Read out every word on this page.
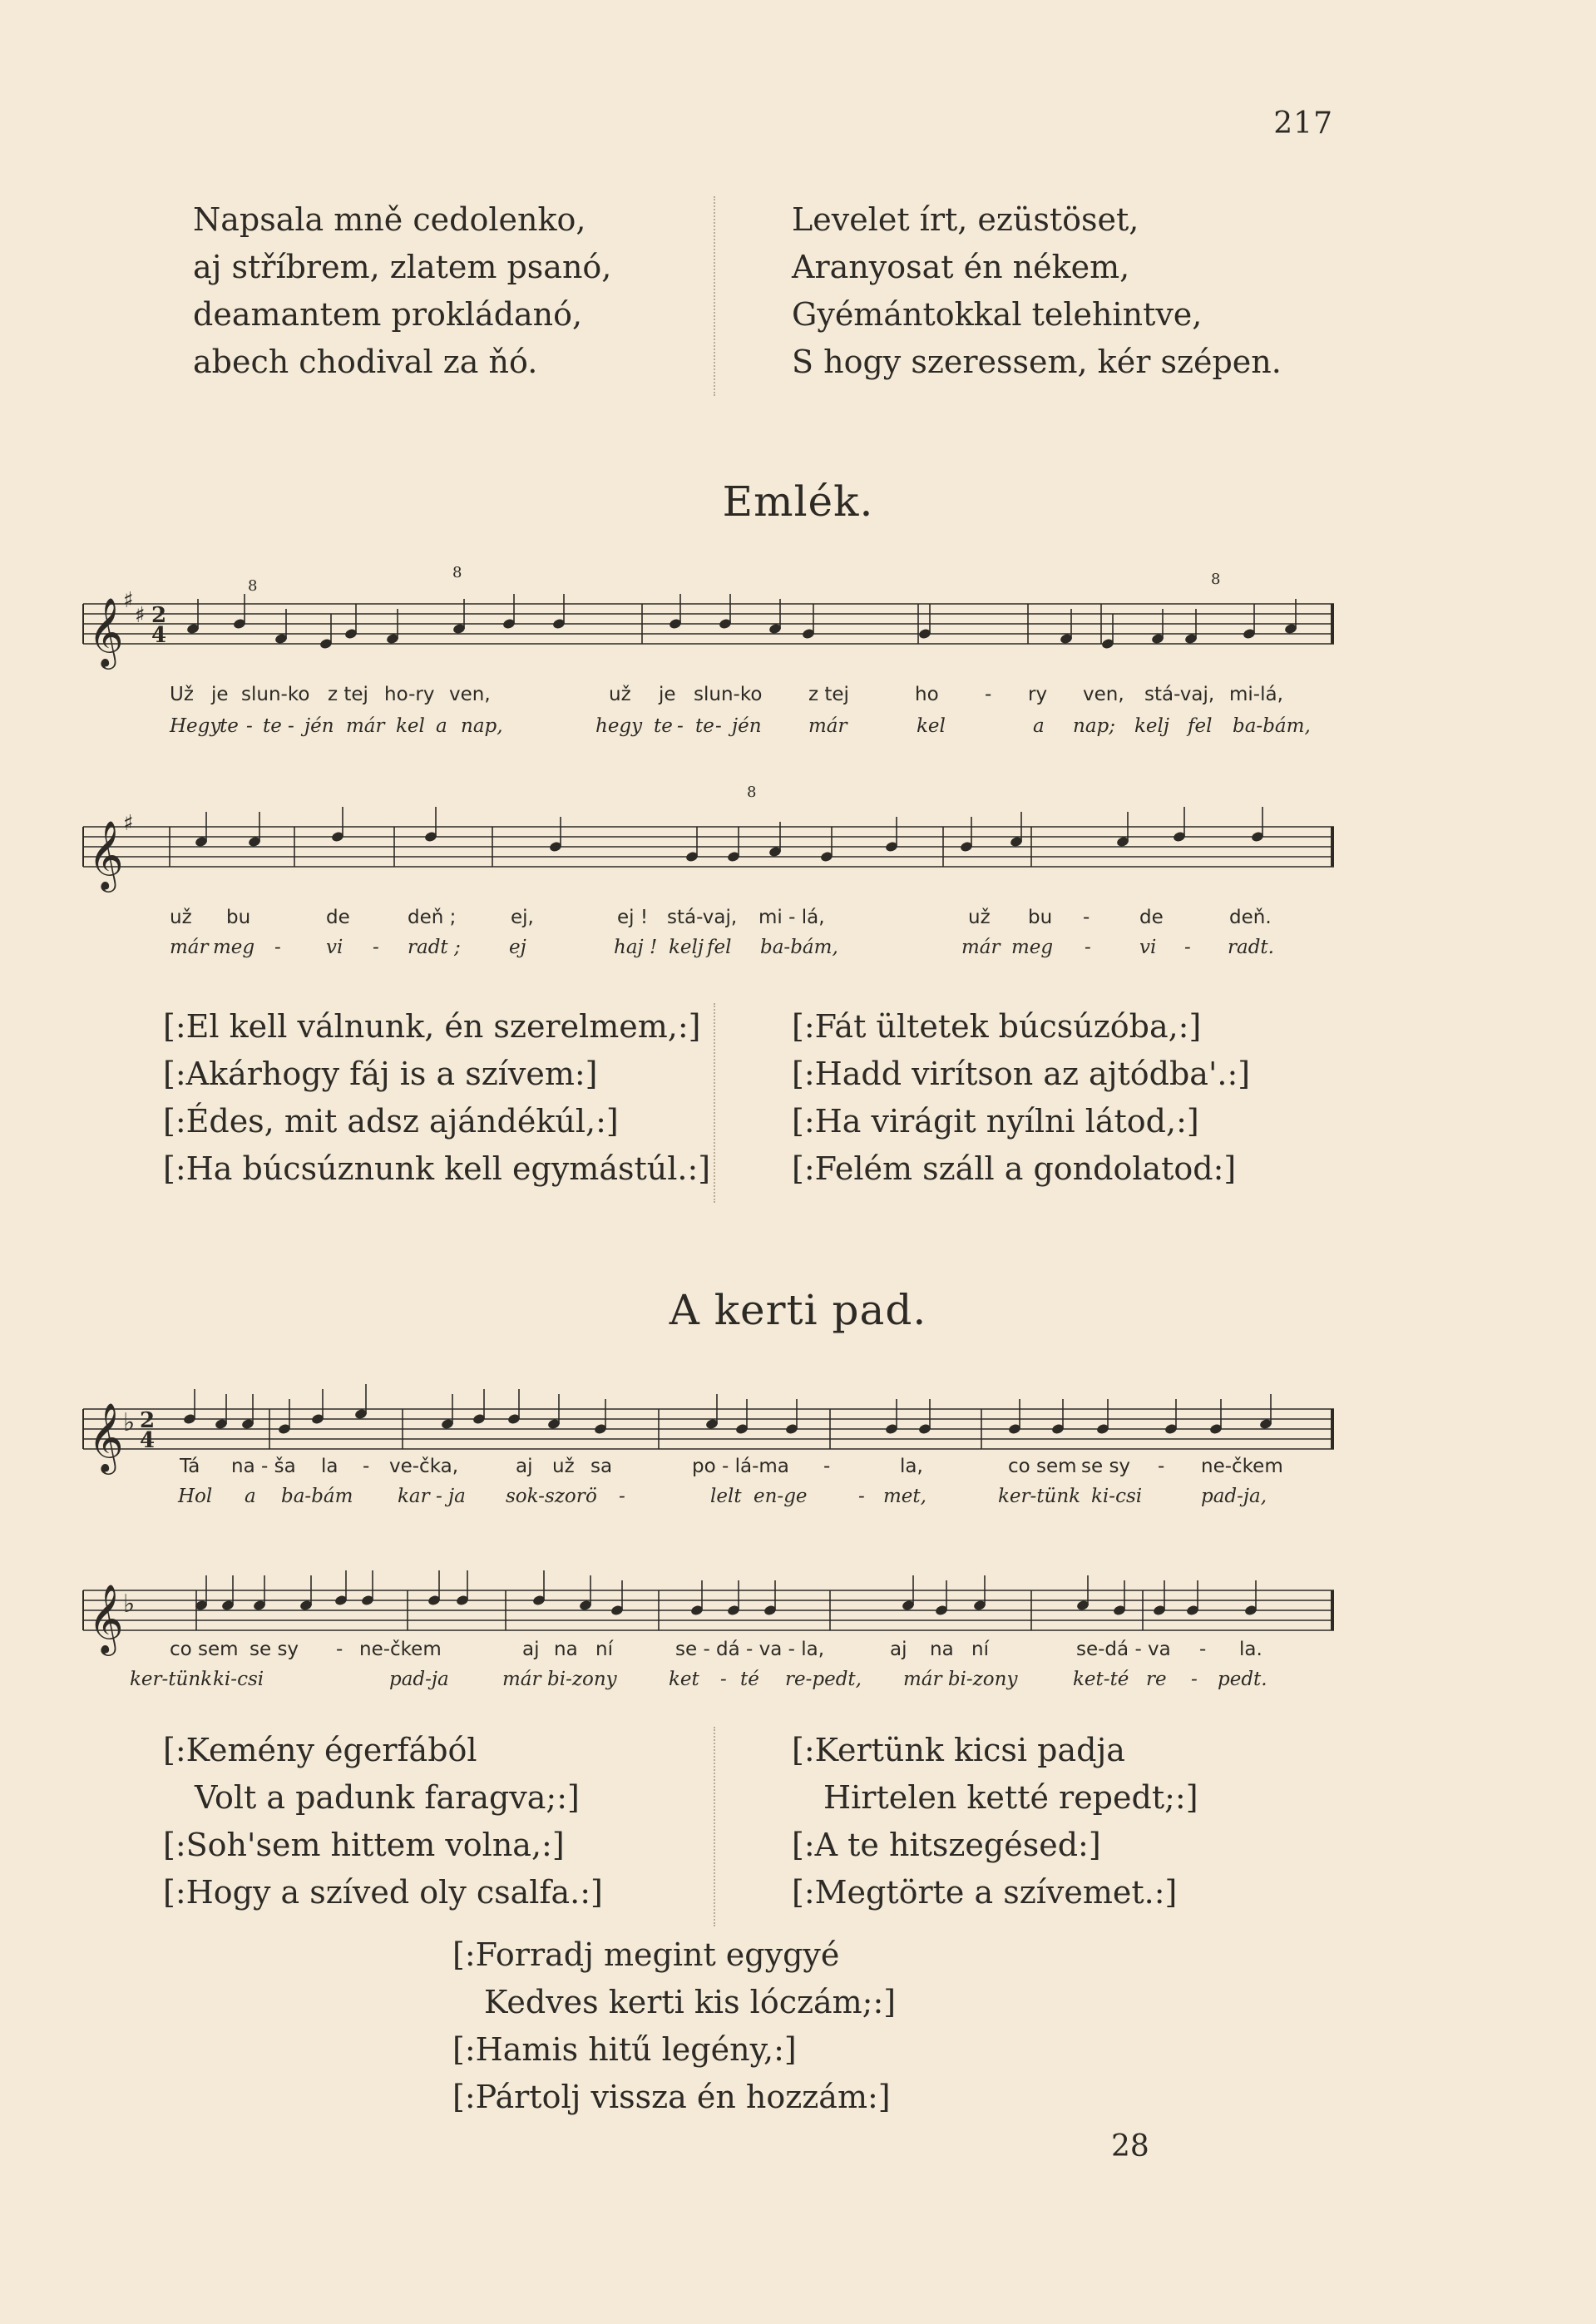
217
Napsala mně cedolenko,
aj stříbrem, zlatem psanó,
deamantem prokládanó,
abech chodival za ňó.
Levelet írt, ezüstöset,
Aranyosat én nékem,
Gyémántokkal telehintve,
S hogy szeressem, kér szépen.
Emlék.
𝄞 ♯
♯ 2
4
Už je slun-ko z tej ho-ry ven,	už je slun-ko z tej	ho - ry ven, stá-vaj, mi-lá,
Hegy
te - te - jén már kel a nap,	hegy te - te - jén már	kel	a nap; kelj fel ba-bám,
8
8	8
𝄞 ♯
už bu	de	deň ;	ej,	ej ! stá-vaj, mi - lá,	už bu -	de	deň.
már meg - vi - radt ;	ej	haj ! kelj fel ba-bám,	már meg -	vi - radt.
8
[:El kell válnunk, én szerelmem,:]
[:Akárhogy fáj is a szívem:]
[:Édes, mit adsz ajándékúl,:]
[:Ha búcsúznunk kell egymástúl.:]
[:Fát ültetek búcsúzóba,:]
[:Hadd virítson az ajtódba'.:]
[:Ha virágit nyílni látod,:]
[:Felém száll a gondolatod:]
A kerti pad.
𝄞 ♭ 2
4
Tá na - ša la - ve-čka,	aj už sa	po - lá-ma -	la,	co sem se sy - ne-čkem
Hol a ba-bám kar - ja sok-szor ö -	lelt en-ge	- met,	ker-tünk ki-csi	pad-ja,
𝄞 ♭
co sem se sy - ne-čkem	aj na ní	se - dá - va - la,	aj na ní	se-dá - va - la.
ker-tünk ki-csi	pad-ja	már bi-zony	ket - té re-pedt, már bi-zony	ket-té re - pedt.
[:Kemény égerfából
Volt a padunk faragva;:]
[:Soh'sem hittem volna,:]
[:Hogy a szíved oly csalfa.:]
[:Kertünk kicsi padja
Hirtelen ketté repedt;:]
[:A te hitszegésed:]
[:Megtörte a szívemet.:]
[:Forradj megint egygyé
Kedves kerti kis lóczám;:]
[:Hamis hitű legény,:]
[:Pártolj vissza én hozzám:]
28
